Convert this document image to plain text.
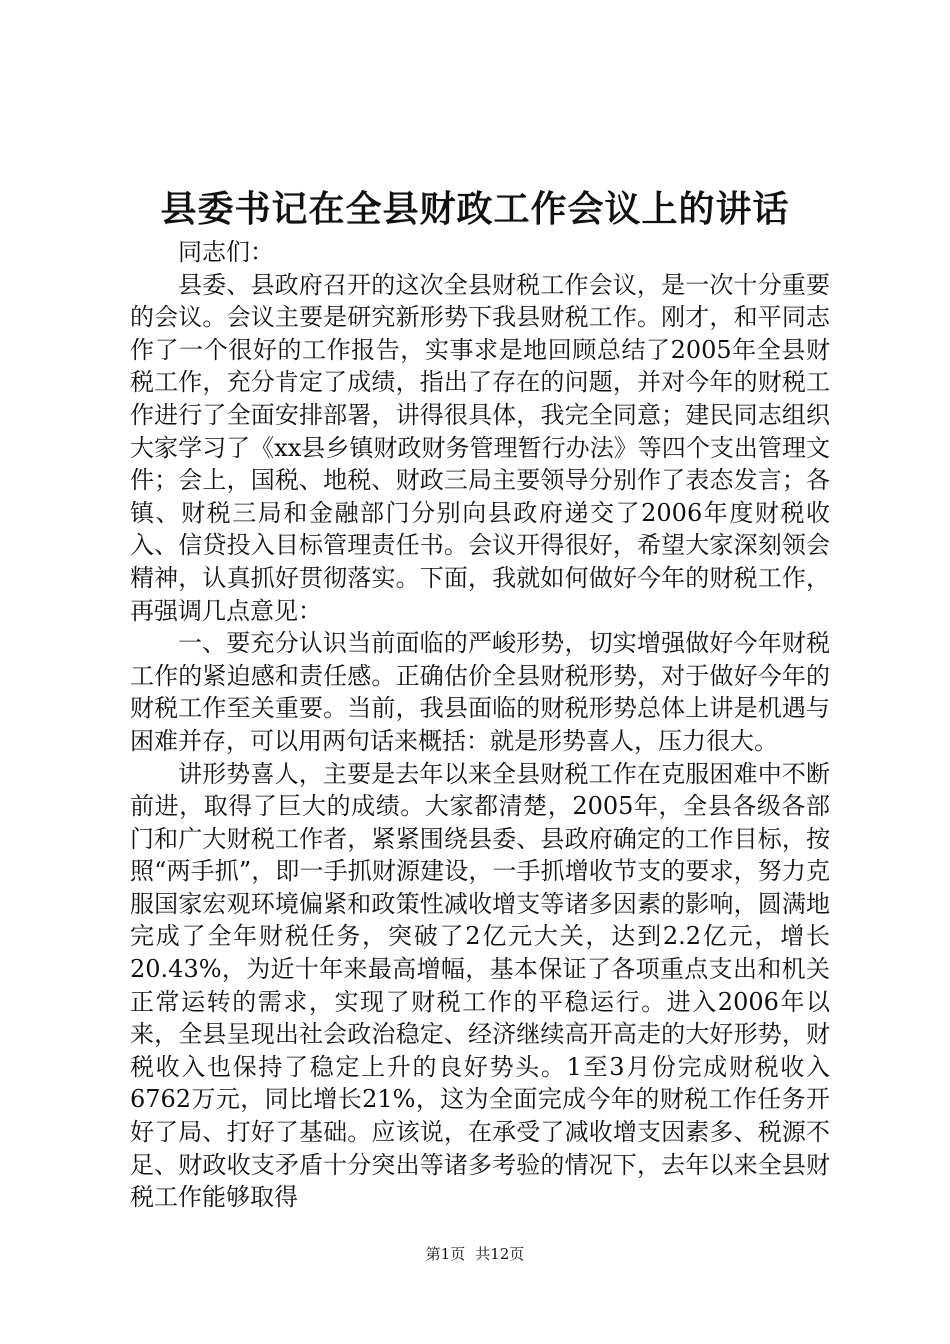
县委书记在全县财政工作会议上的讲话

同志们：

县委、县政府召开的这次全县财税工作会议，是一次十分重要的会议。会议主要是研究新形势下我县财税工作。刚才，和平同志作了一个很好的工作报告，实事求是地回顾总结了2005年全县财税工作，充分肯定了成绩，指出了存在的问题，并对今年的财税工作进行了全面安排部署，讲得很具体，我完全同意；建民同志组织大家学习了《xx县乡镇财政财务管理暂行办法》等四个支出管理文件；会上，国税、地税、财政三局主要领导分别作了表态发言；各镇、财税三局和金融部门分别向县政府递交了2006年度财税收入、信贷投入目标管理责任书。会议开得很好，希望大家深刻领会精神，认真抓好贯彻落实。下面，我就如何做好今年的财税工作，再强调几点意见：

一、要充分认识当前面临的严峻形势，切实增强做好今年财税工作的紧迫感和责任感。正确估价全县财税形势，对于做好今年的财税工作至关重要。当前，我县面临的财税形势总体上讲是机遇与困难并存，可以用两句话来概括：就是形势喜人，压力很大。

讲形势喜人，主要是去年以来全县财税工作在克服困难中不断前进，取得了巨大的成绩。大家都清楚，2005年，全县各级各部门和广大财税工作者，紧紧围绕县委、县政府确定的工作目标，按照“两手抓”，即一手抓财源建设，一手抓增收节支的要求，努力克服国家宏观环境偏紧和政策性减收增支等诸多因素的影响，圆满地完成了全年财税任务，突破了2亿元大关，达到2.2亿元，增长20.43%，为近十年来最高增幅，基本保证了各项重点支出和机关正常运转的需求，实现了财税工作的平稳运行。进入2006年以来，全县呈现出社会政治稳定、经济继续高开高走的大好形势，财税收入也保持了稳定上升的良好势头。1至3月份完成财税收入6762万元，同比增长21%，这为全面完成今年的财税工作任务开好了局、打好了基础。应该说，在承受了减收增支因素多、税源不足、财政收支矛盾十分突出等诸多考验的情况下，去年以来全县财税工作能够取得

第1页 共12页
